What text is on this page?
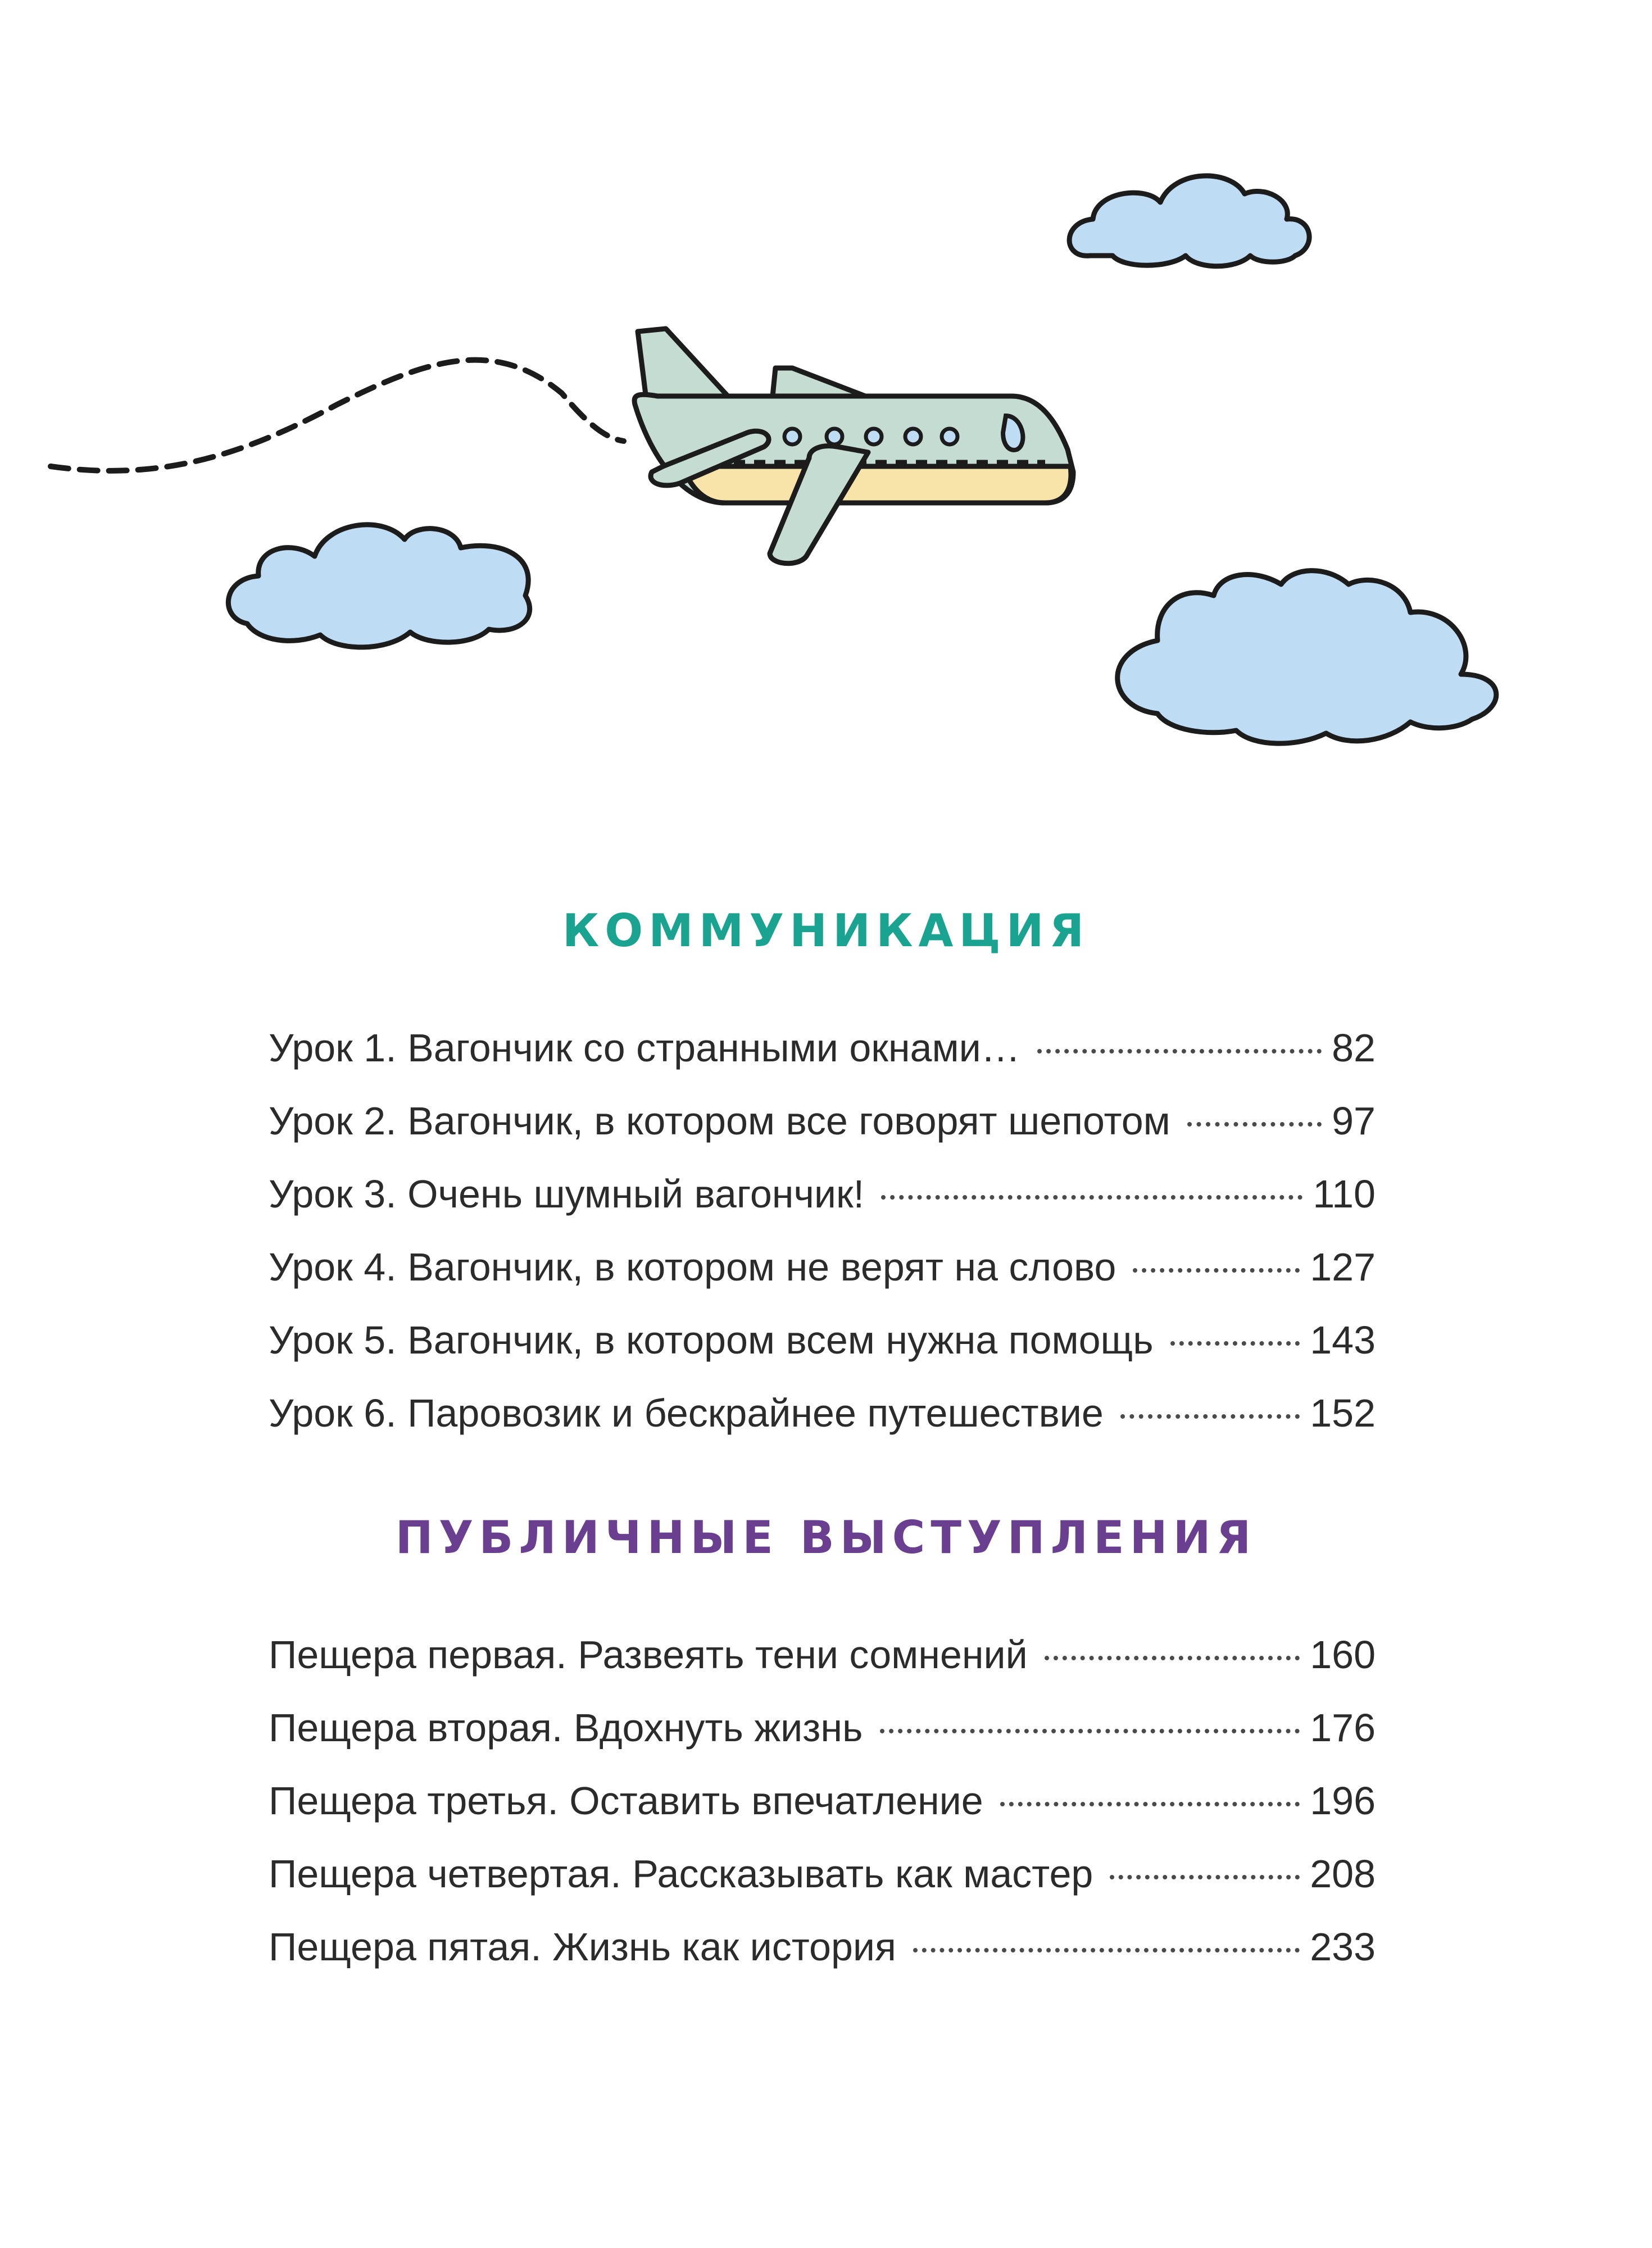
КОММУНИКАЦИЯ
Урок 1. Вагончик со странными окнами…	82
Урок 2. Вагончик, в котором все говорят шепотом	97
Урок 3. Очень шумный вагончик!	110
Урок 4. Вагончик, в котором не верят на слово	127
Урок 5. Вагончик, в котором всем нужна помощь	143
Урок 6. Паровозик и бескрайнее путешествие	152
ПУБЛИЧНЫЕ ВЫСТУПЛЕНИЯ
Пещера первая. Развеять тени сомнений	160
Пещера вторая. Вдохнуть жизнь	176
Пещера третья. Оставить впечатление	196
Пещера четвертая. Рассказывать как мастер	208
Пещера пятая. Жизнь как история	233
